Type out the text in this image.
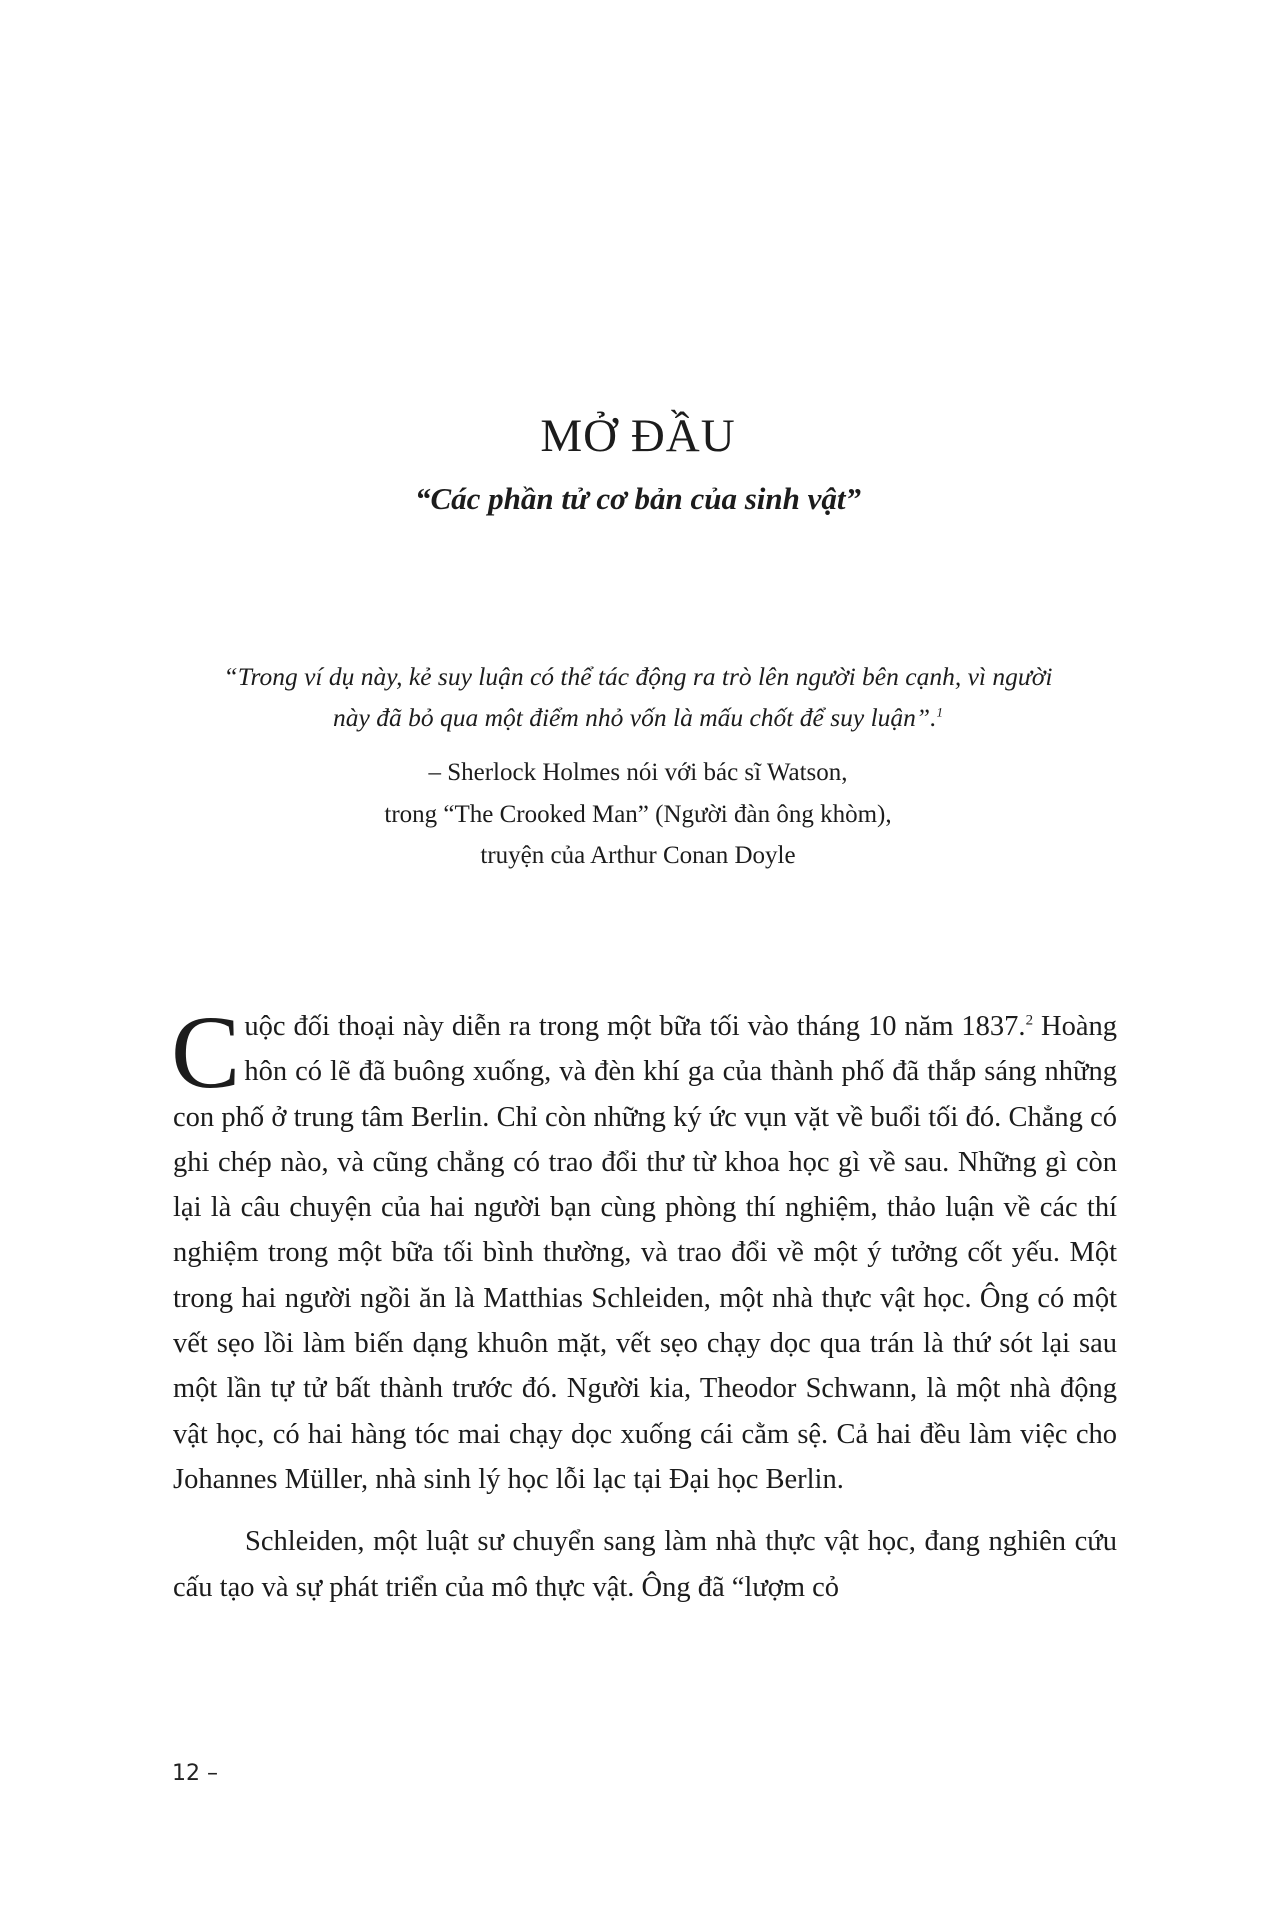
MỞ ĐẦU
“Các phần tử cơ bản của sinh vật”

“Trong ví dụ này, kẻ suy luận có thể tác động ra trò lên người bên cạnh, vì người này đã bỏ qua một điểm nhỏ vốn là mấu chốt để suy luận”.$^1$

– Sherlock Holmes nói với bác sĩ Watson,
trong “The Crooked Man” (Người đàn ông khòm),
truyện của Arthur Conan Doyle

Cuộc đối thoại này diễn ra trong một bữa tối vào tháng 10 năm 1837.$^2$ Hoàng hôn có lẽ đã buông xuống, và đèn khí ga của thành phố đã thắp sáng những con phố ở trung tâm Berlin. Chỉ còn những ký ức vụn vặt về buổi tối đó. Chẳng có ghi chép nào, và cũng chẳng có trao đổi thư từ khoa học gì về sau. Những gì còn lại là câu chuyện của hai người bạn cùng phòng thí nghiệm, thảo luận về các thí nghiệm trong một bữa tối bình thường, và trao đổi về một ý tưởng cốt yếu. Một trong hai người ngồi ăn là Matthias Schleiden, một nhà thực vật học. Ông có một vết sẹo lồi làm biến dạng khuôn mặt, vết sẹo chạy dọc qua trán là thứ sót lại sau một lần tự tử bất thành trước đó. Người kia, Theodor Schwann, là một nhà động vật học, có hai hàng tóc mai chạy dọc xuống cái cằm sệ. Cả hai đều làm việc cho Johannes Müller, nhà sinh lý học lỗi lạc tại Đại học Berlin.

Schleiden, một luật sư chuyển sang làm nhà thực vật học, đang nghiên cứu cấu tạo và sự phát triển của mô thực vật. Ông đã “lượm cỏ

12 –
